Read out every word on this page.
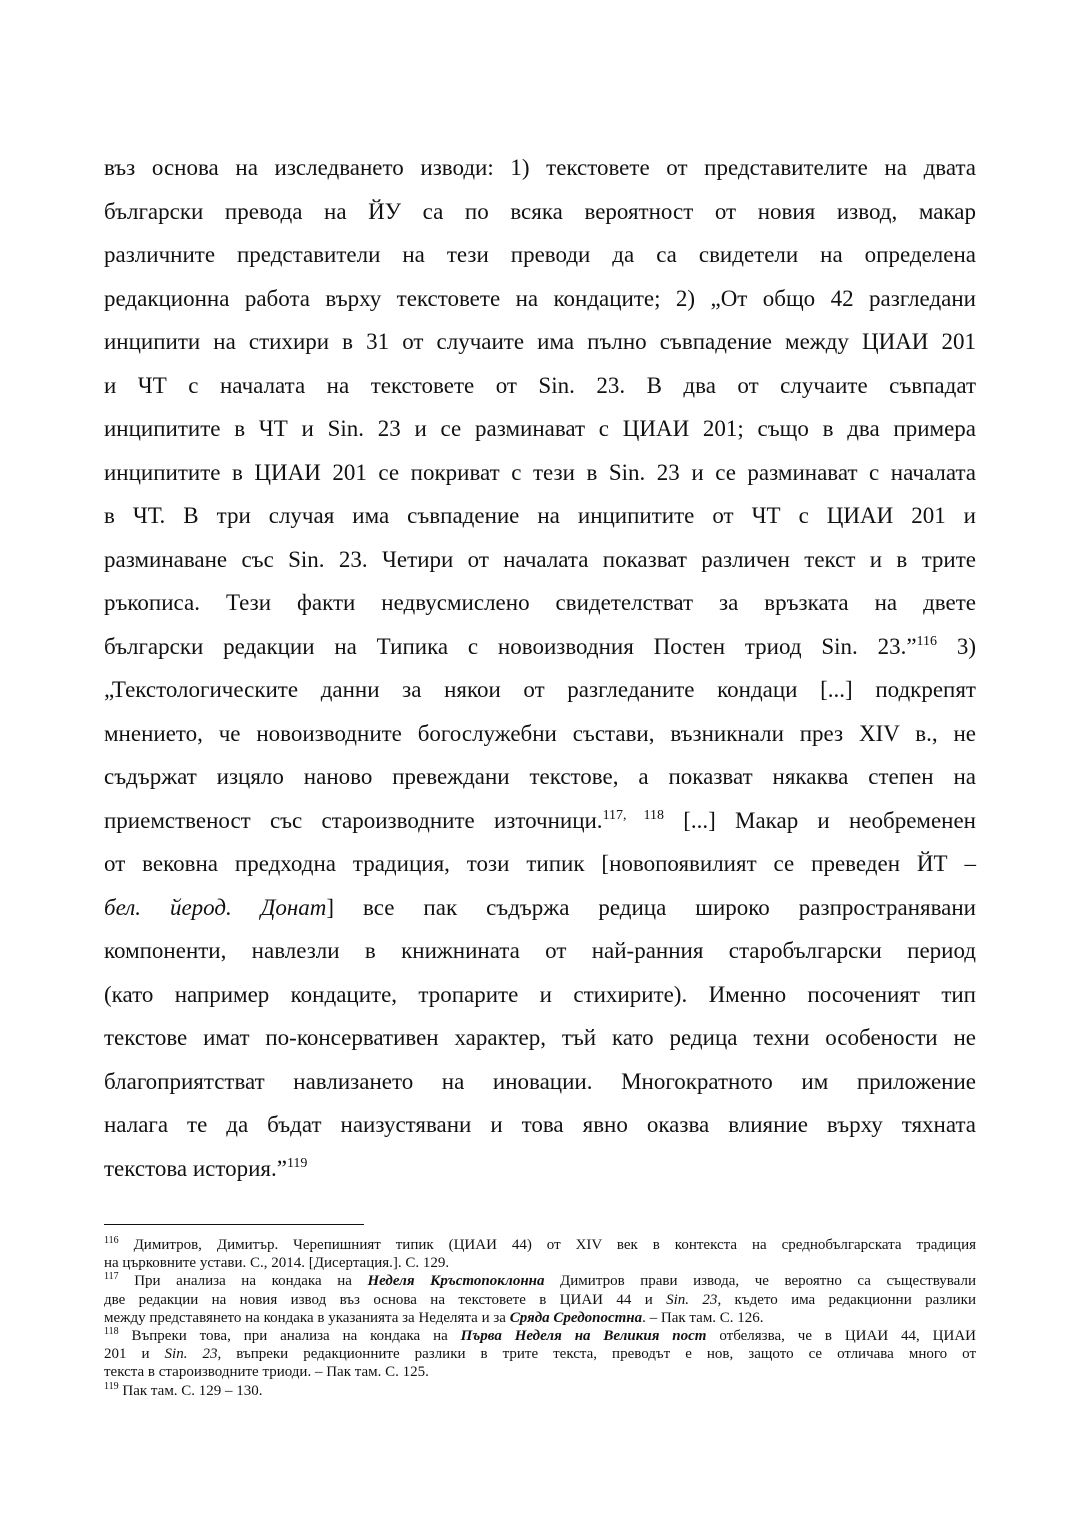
въз основа на изследването изводи: 1) текстовете от представителите на двата
български превода на ЙУ са по всяка вероятност от новия извод, макар
различните представители на тези преводи да са свидетели на определена
редакционна работа върху текстовете на кондаците; 2) „От общо 42 разгледани
инципити на стихири в 31 от случаите има пълно съвпадение между ЦИАИ 201
и ЧТ с началата на текстовете от Sin. 23. В два от случаите съвпадат
инципитите в ЧТ и Sin. 23 и се разминават с ЦИАИ 201; също в два примера
инципитите в ЦИАИ 201 се покриват с тези в Sin. 23 и се разминават с началата
в ЧТ. В три случая има съвпадение на инципитите от ЧТ с ЦИАИ 201 и
разминаване със Sin. 23. Четири от началата показват различен текст и в трите
ръкописа. Тези факти недвусмислено свидетелстват за връзката на двете
български редакции на Типика с новоизводния Постен триод Sin. 23.”$^{116}$ 3)
„Текстологическите данни за някои от разгледаните кондаци [...] подкрепят
мнението, че новоизводните богослужебни състави, възникнали през XIV в., не
съдържат изцяло наново превеждани текстове, а показват някаква степен на
приемственост със староизводните източници.$^{117, 118}$ [...] Макар и необременен
от вековна предходна традиция, този типик [новопоявилият се преведен ЙТ –
бел. йерод. Донат] все пак съдържа редица широко разпространявани
компоненти, навлезли в книжнината от най-ранния старобългарски период
(като например кондаците, тропарите и стихирите). Именно посоченият тип
текстове имат по-консервативен характер, тъй като редица техни особености не
благоприятстват навлизането на иновации. Многократното им приложение
налага те да бъдат наизустявани и това явно оказва влияние върху тяхната
текстова история.”$^{119}$
$^{116}$ Димитров, Димитър. Черепишният типик (ЦИАИ 44) от XIV век в контекста на среднобългарската традиция
на църковните устави. С., 2014. [Дисертация.]. С. 129.
$^{117}$ При анализа на кондака на Неделя Кръстопоклонна Димитров прави извода, че вероятно са съществували
две редакции на новия извод въз основа на текстовете в ЦИАИ 44 и Sin. 23, където има редакционни разлики
между представянето на кондака в указанията за Неделята и за Сряда Средопостна. – Пак там. С. 126.
$^{118}$ Въпреки това, при анализа на кондака на Първа Неделя на Великия пост отбелязва, че в ЦИАИ 44, ЦИАИ
201 и Sin. 23, въпреки редакционните разлики в трите текста, преводът е нов, защото се отличава много от
текста в староизводните триоди. – Пак там. С. 125.
$^{119}$ Пак там. С. 129 – 130.
